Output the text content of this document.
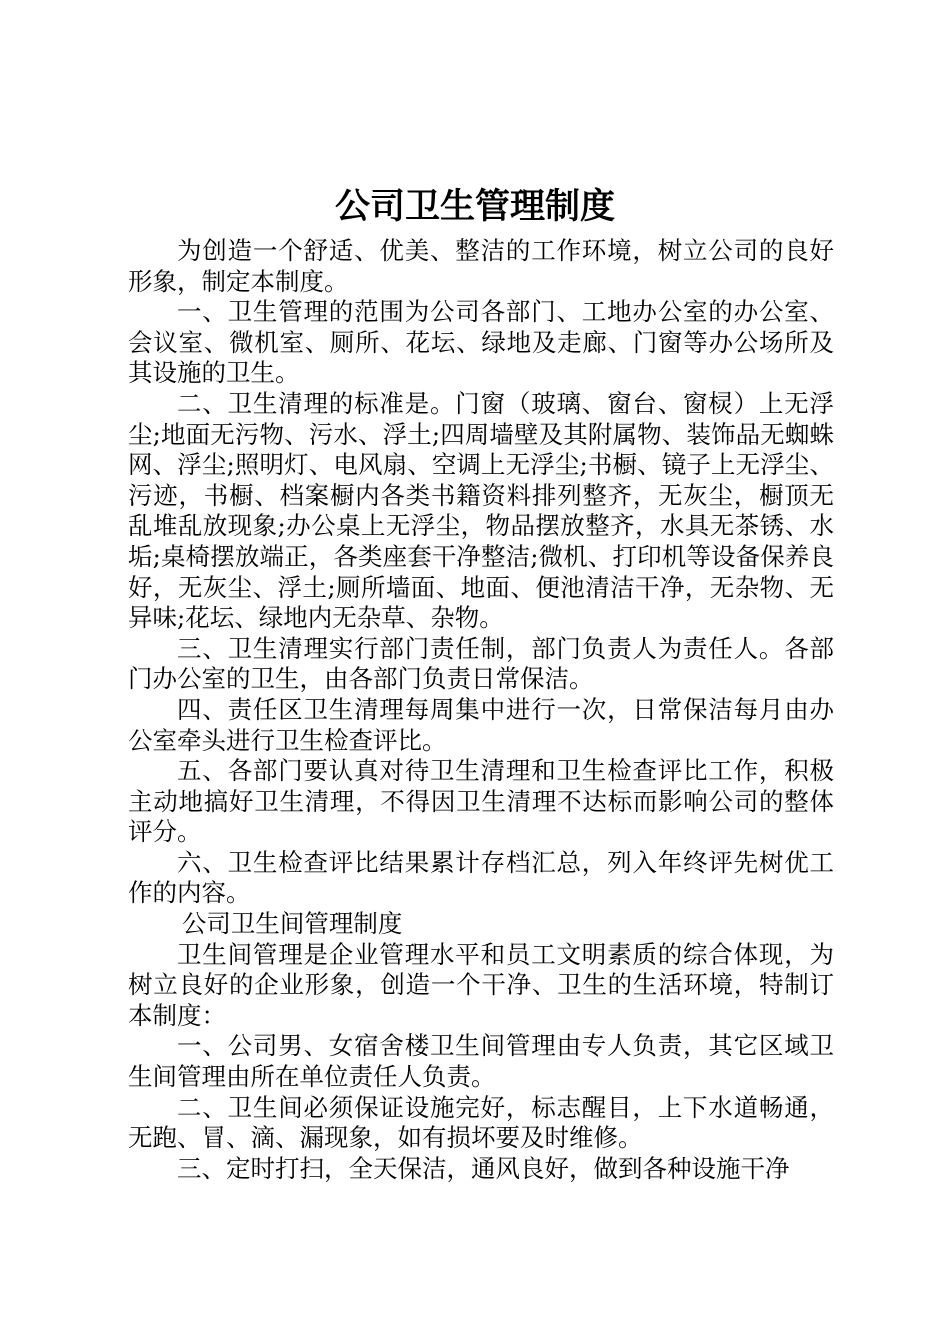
公司卫生管理制度

为创造一个舒适、优美、整洁的工作环境，树立公司的良好形象，制定本制度。

一、卫生管理的范围为公司各部门、工地办公室的办公室、会议室、微机室、厕所、花坛、绿地及走廊、门窗等办公场所及其设施的卫生。

二、卫生清理的标准是。门窗（玻璃、窗台、窗棂）上无浮尘;地面无污物、污水、浮土;四周墙壁及其附属物、装饰品无蜘蛛网、浮尘;照明灯、电风扇、空调上无浮尘;书橱、镜子上无浮尘、污迹，书橱、档案橱内各类书籍资料排列整齐，无灰尘，橱顶无乱堆乱放现象;办公桌上无浮尘，物品摆放整齐，水具无茶锈、水垢;桌椅摆放端正，各类座套干净整洁;微机、打印机等设备保养良好，无灰尘、浮土;厕所墙面、地面、便池清洁干净，无杂物、无异味;花坛、绿地内无杂草、杂物。

三、卫生清理实行部门责任制，部门负责人为责任人。各部门办公室的卫生，由各部门负责日常保洁。

四、责任区卫生清理每周集中进行一次，日常保洁每月由办公室牵头进行卫生检查评比。

五、各部门要认真对待卫生清理和卫生检查评比工作，积极主动地搞好卫生清理，不得因卫生清理不达标而影响公司的整体评分。

六、卫生检查评比结果累计存档汇总，列入年终评先树优工作的内容。

公司卫生间管理制度

卫生间管理是企业管理水平和员工文明素质的综合体现，为树立良好的企业形象，创造一个干净、卫生的生活环境，特制订本制度：

一、公司男、女宿舍楼卫生间管理由专人负责，其它区域卫生间管理由所在单位责任人负责。

二、卫生间必须保证设施完好，标志醒目，上下水道畅通，无跑、冒、滴、漏现象，如有损坏要及时维修。

三、定时打扫，全天保洁，通风良好，做到各种设施干净
